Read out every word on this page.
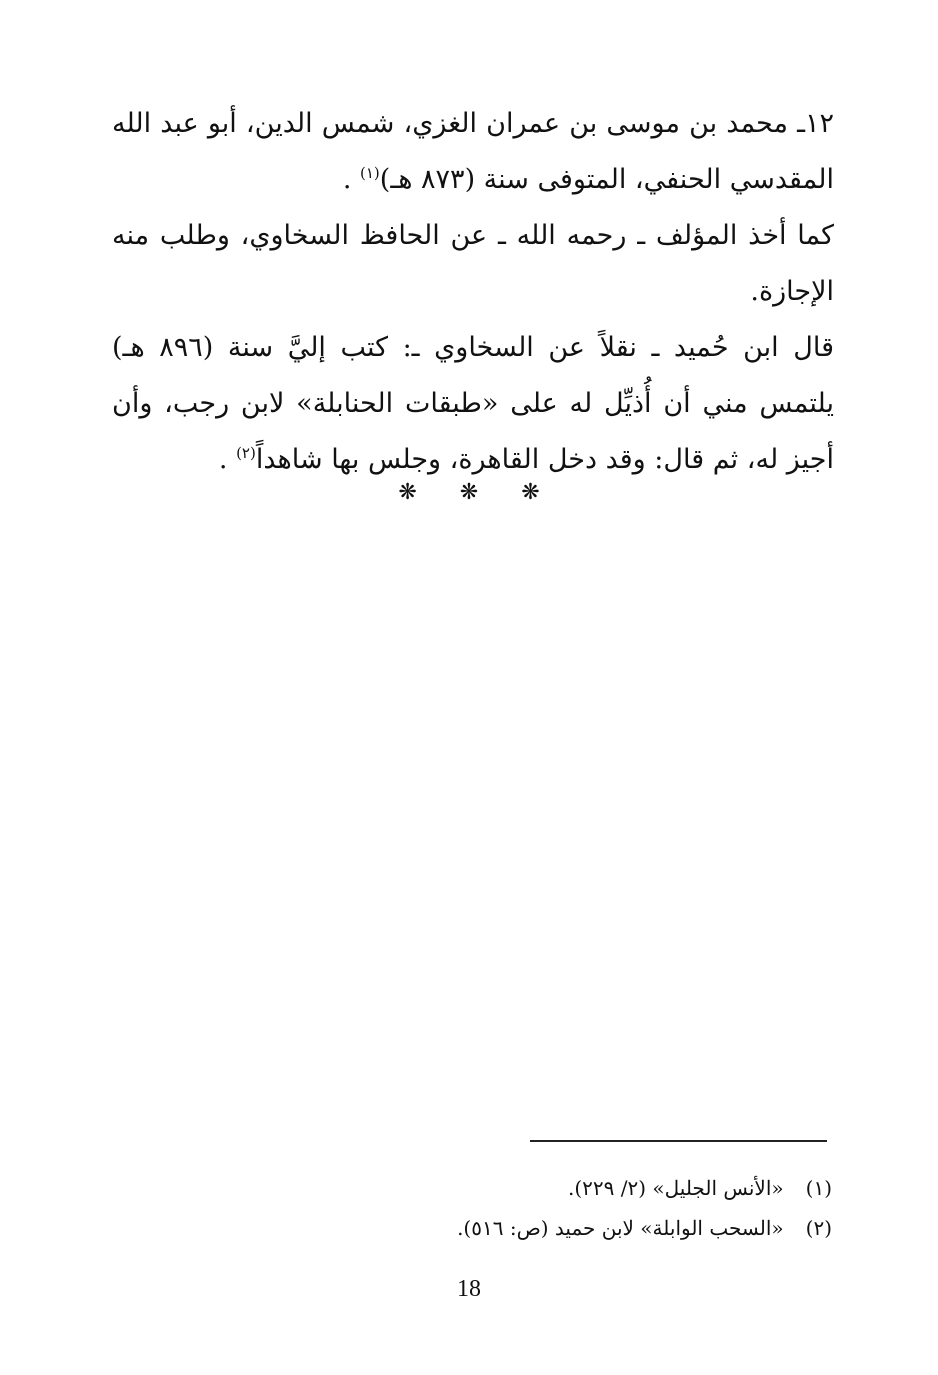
١٢ـ محمد بن موسى بن عمران الغزي، شمس الدين، أبو عبد الله المقدسي الحنفي، المتوفى سنة (٨٧٣ هـ)$^{(١)}$ .

كما أخذ المؤلف ـ رحمه الله ـ عن الحافظ السخاوي، وطلب منه الإجازة.

قال ابن حُميد ـ نقلاً عن السخاوي ـ: كتب إليَّ سنة (٨٩٦ هـ) يلتمس مني أن أُذيِّل له على «طبقات الحنابلة» لابن رجب، وأن أجيز له، ثم قال: وقد دخل القاهرة، وجلس بها شاهداً$^{(٢)}$ .

❋ ❋ ❋
(١)«الأنس الجليل» (٢/ ٢٢٩).
(٢)«السحب الوابلة» لابن حميد (ص: ٥١٦).
18
